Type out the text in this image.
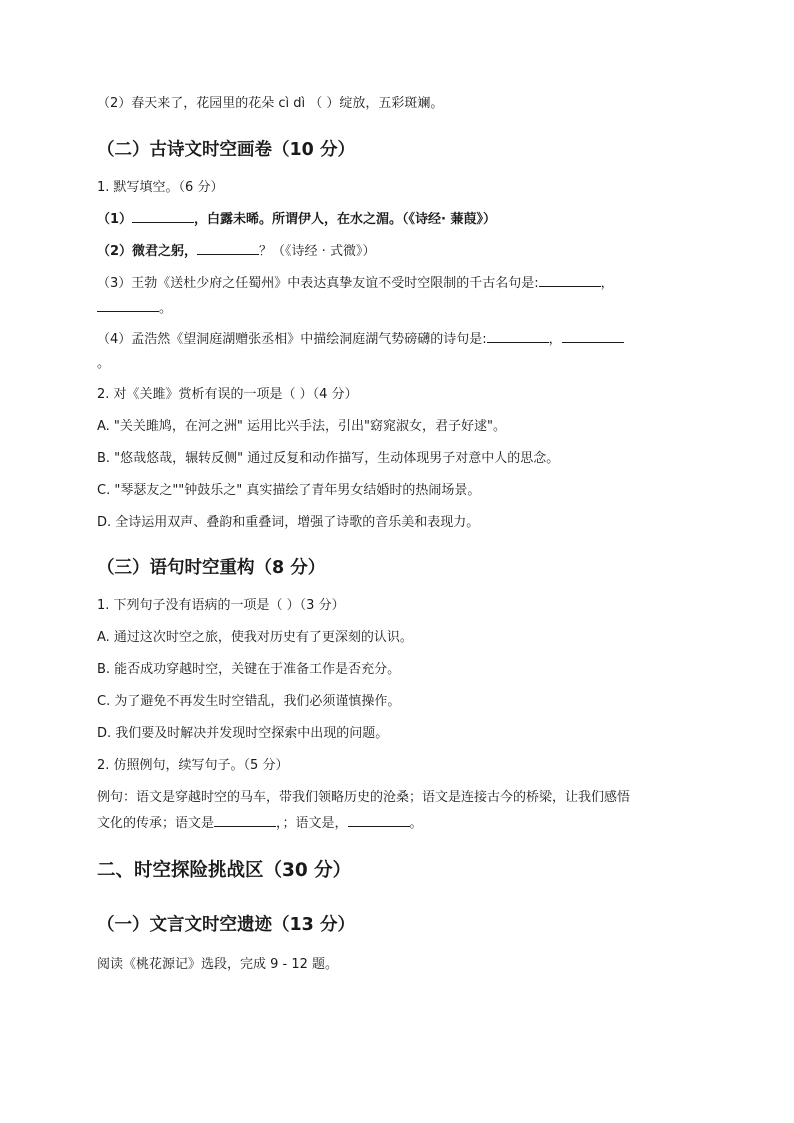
（2）春天来了，花园里的花朵 cì dì （ ）绽放，五彩斑斓。
（二）古诗文时空画卷（10 分）
1. 默写填空。（6 分）
（1）	，白露未晞。所谓伊人，在水之湄。（《诗经· 蒹葭》）
（2）微君之躬，	？（《诗经 · 式微》）
（3）王勃《送杜少府之任蜀州》中表达真挚友谊不受时空限制的千古名句是:	，
。
（4）孟浩然《望洞庭湖赠张丞相》中描绘洞庭湖气势磅礴的诗句是:	，
。
2. 对《关雎》赏析有误的一项是（ ）（4 分）
A. "关关雎鸠，在河之洲" 运用比兴手法，引出"窈窕淑女，君子好逑"。
B. "悠哉悠哉，辗转反侧" 通过反复和动作描写，生动体现男子对意中人的思念。
C. "琴瑟友之""钟鼓乐之" 真实描绘了青年男女结婚时的热闹场景。
D. 全诗运用双声、叠韵和重叠词，增强了诗歌的音乐美和表现力。
（三）语句时空重构（8 分）
1. 下列句子没有语病的一项是（ ）（3 分）
A. 通过这次时空之旅，使我对历史有了更深刻的认识。
B. 能否成功穿越时空，关键在于准备工作是否充分。
C. 为了避免不再发生时空错乱，我们必须谨慎操作。
D. 我们要及时解决并发现时空探索中出现的问题。
2. 仿照例句，续写句子。（5 分）
例句：语文是穿越时空的马车，带我们领略历史的沧桑；语文是连接古今的桥梁，让我们感悟
文化的传承；语文是	，；语文是，	。
二、时空探险挑战区（30 分）
（一）文言文时空遗迹（13 分）
阅读《桃花源记》选段，完成 9 - 12 题。
